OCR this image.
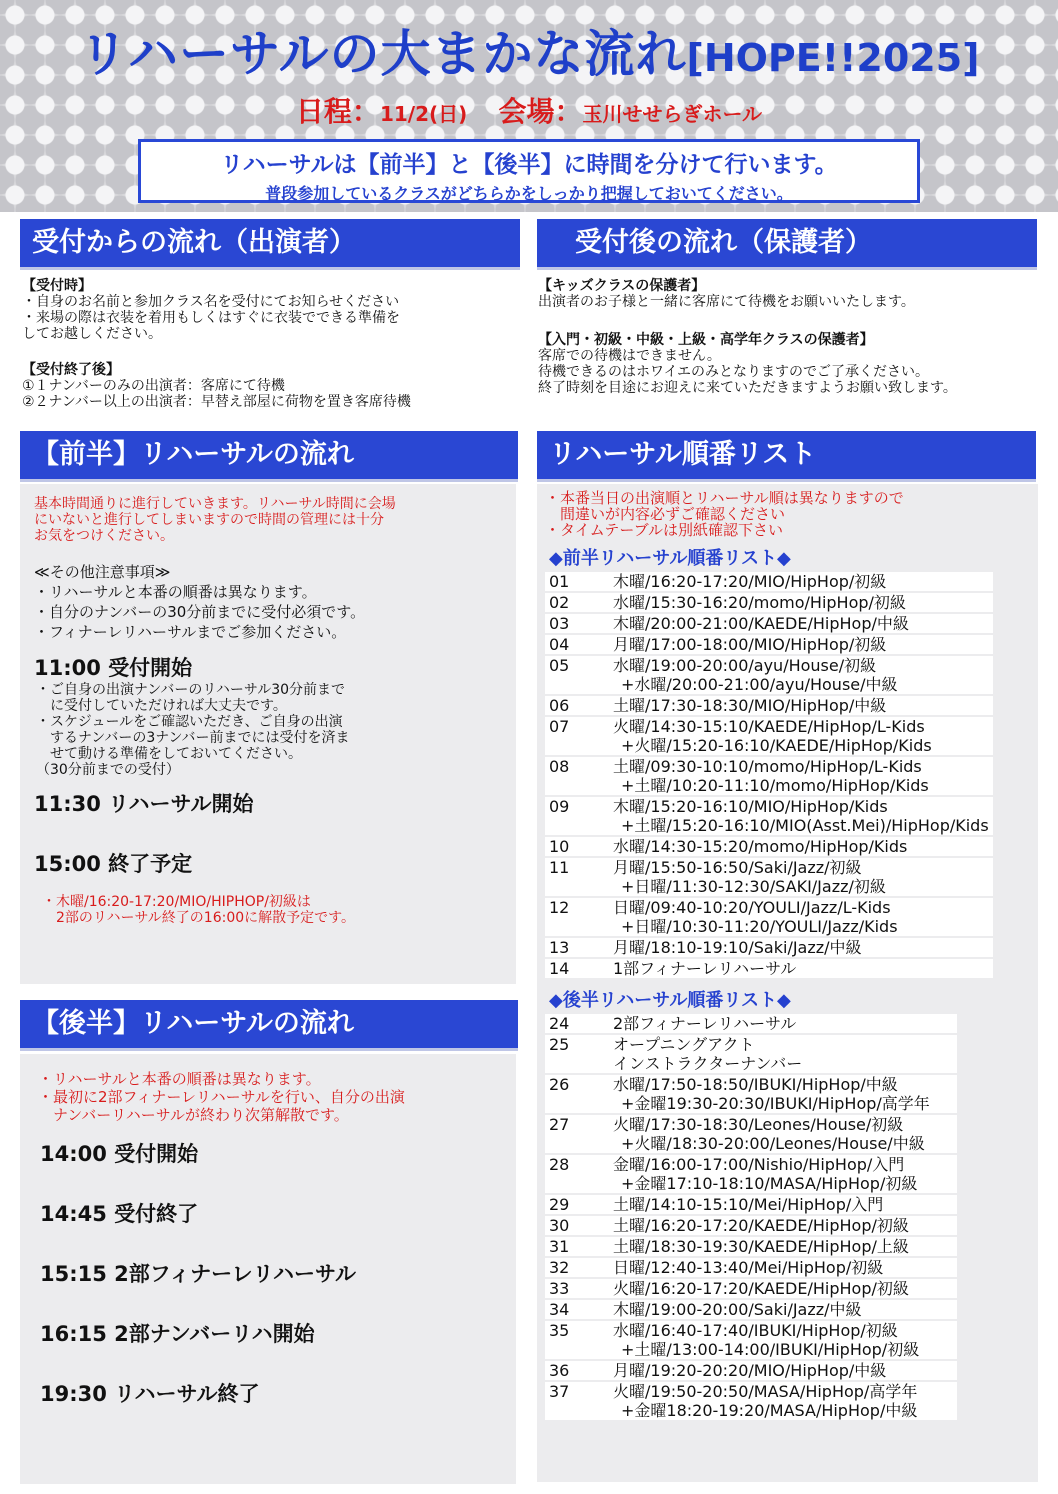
リハーサルの大まかな流れ[HOPE!!2025]
日程：11/2(日) 会場：玉川せせらぎホール
リハーサルは【前半】と【後半】に時間を分けて行います。
普段参加しているクラスがどちらかをしっかり把握しておいてください。
受付からの流れ（出演者）
【受付時】
・自身のお名前と参加クラス名を受付にてお知らせください
・来場の際は衣装を着用もしくはすぐに衣装でできる準備を
してお越しください。
【受付終了後】
①１ナンバーのみの出演者：客席にて待機
②２ナンバー以上の出演者：早替え部屋に荷物を置き客席待機
受付後の流れ（保護者）
【キッズクラスの保護者】
出演者のお子様と一緒に客席にて待機をお願いいたします。
【入門・初級・中級・上級・高学年クラスの保護者】
客席での待機はできません。
待機できるのはホワイエのみとなりますのでご了承ください。
終了時刻を目途にお迎えに来ていただきますようお願い致します。
【前半】リハーサルの流れ
基本時間通りに進行していきます。リハーサル時間に会場
にいないと進行してしまいますので時間の管理には十分
お気をつけください。
≪その他注意事項≫
・リハーサルと本番の順番は異なります。
・自分のナンバーの30分前までに受付必須です。
・フィナーレリハーサルまでご参加ください。
11:00 受付開始
・ご自身の出演ナンバーのリハーサル30分前まで
　に受付していただければ大丈夫です。
・スケジュールをご確認いただき、ご自身の出演
　するナンバーの3ナンバー前までには受付を済ま
　せて動ける準備をしておいてください。
（30分前までの受付）
11:30 リハーサル開始
15:00 終了予定
・木曜/16:20-17:20/MIO/HIPHOP/初級は
　2部のリハーサル終了の16:00に解散予定です。
【後半】リハーサルの流れ
・リハーサルと本番の順番は異なります。
・最初に2部フィナーレリハーサルを行い、自分の出演
　ナンバーリハーサルが終わり次第解散です。
14:00 受付開始
14:45 受付終了
15:15 2部フィナーレリハーサル
16:15 2部ナンバーリハ開始
19:30 リハーサル終了
リハーサル順番リスト
・本番当日の出演順とリハーサル順は異なりますので
　間違いが内容必ずご確認ください
・タイムテーブルは別紙確認下さい
◆前半リハーサル順番リスト◆
01	木曜/16:20-17:20/MIO/HipHop/初級

02	水曜/15:30-16:20/momo/HipHop/初級

03	木曜/20:00-21:00/KAEDE/HipHop/中級

04	月曜/17:00-18:00/MIO/HipHop/初級

05	水曜/19:00-20:00/ayu/House/初級
+水曜/20:00-21:00/ayu/House/中級

06	土曜/17:30-18:30/MIO/HipHop/中級

07	火曜/14:30-15:10/KAEDE/HipHop/L-Kids
+火曜/15:20-16:10/KAEDE/HipHop/Kids

08	土曜/09:30-10:10/momo/HipHop/L-Kids
+土曜/10:20-11:10/momo/HipHop/Kids

09	木曜/15:20-16:10/MIO/HipHop/Kids
+土曜/15:20-16:10/MIO(Asst.Mei)/HipHop/Kids

10	水曜/14:30-15:20/momo/HipHop/Kids

11	月曜/15:50-16:50/Saki/Jazz/初級
+日曜/11:30-12:30/SAKI/Jazz/初級

12	日曜/09:40-10:20/YOULI/Jazz/L-Kids
+日曜/10:30-11:20/YOULI/Jazz/Kids

13	月曜/18:10-19:10/Saki/Jazz/中級

14	1部フィナーレリハーサル
◆後半リハーサル順番リスト◆
24	2部フィナーレリハーサル

25	オープニングアクト
インストラクターナンバー

26	水曜/17:50-18:50/IBUKI/HipHop/中級
+金曜19:30-20:30/IBUKI/HipHop/高学年

27	火曜/17:30-18:30/Leones/House/初級
+火曜/18:30-20:00/Leones/House/中級

28	金曜/16:00-17:00/Nishio/HipHop/入門
+金曜17:10-18:10/MASA/HipHop/初級

29	土曜/14:10-15:10/Mei/HipHop/入門

30	土曜/16:20-17:20/KAEDE/HipHop/初級

31	土曜/18:30-19:30/KAEDE/HipHop/上級

32	日曜/12:40-13:40/Mei/HipHop/初級

33	火曜/16:20-17:20/KAEDE/HipHop/初級

34	木曜/19:00-20:00/Saki/Jazz/中級

35	水曜/16:40-17:40/IBUKI/HipHop/初級
+土曜/13:00-14:00/IBUKI/HipHop/初級

36	月曜/19:20-20:20/MIO/HipHop/中級

37	火曜/19:50-20:50/MASA/HipHop/高学年
+金曜18:20-19:20/MASA/HipHop/中級
